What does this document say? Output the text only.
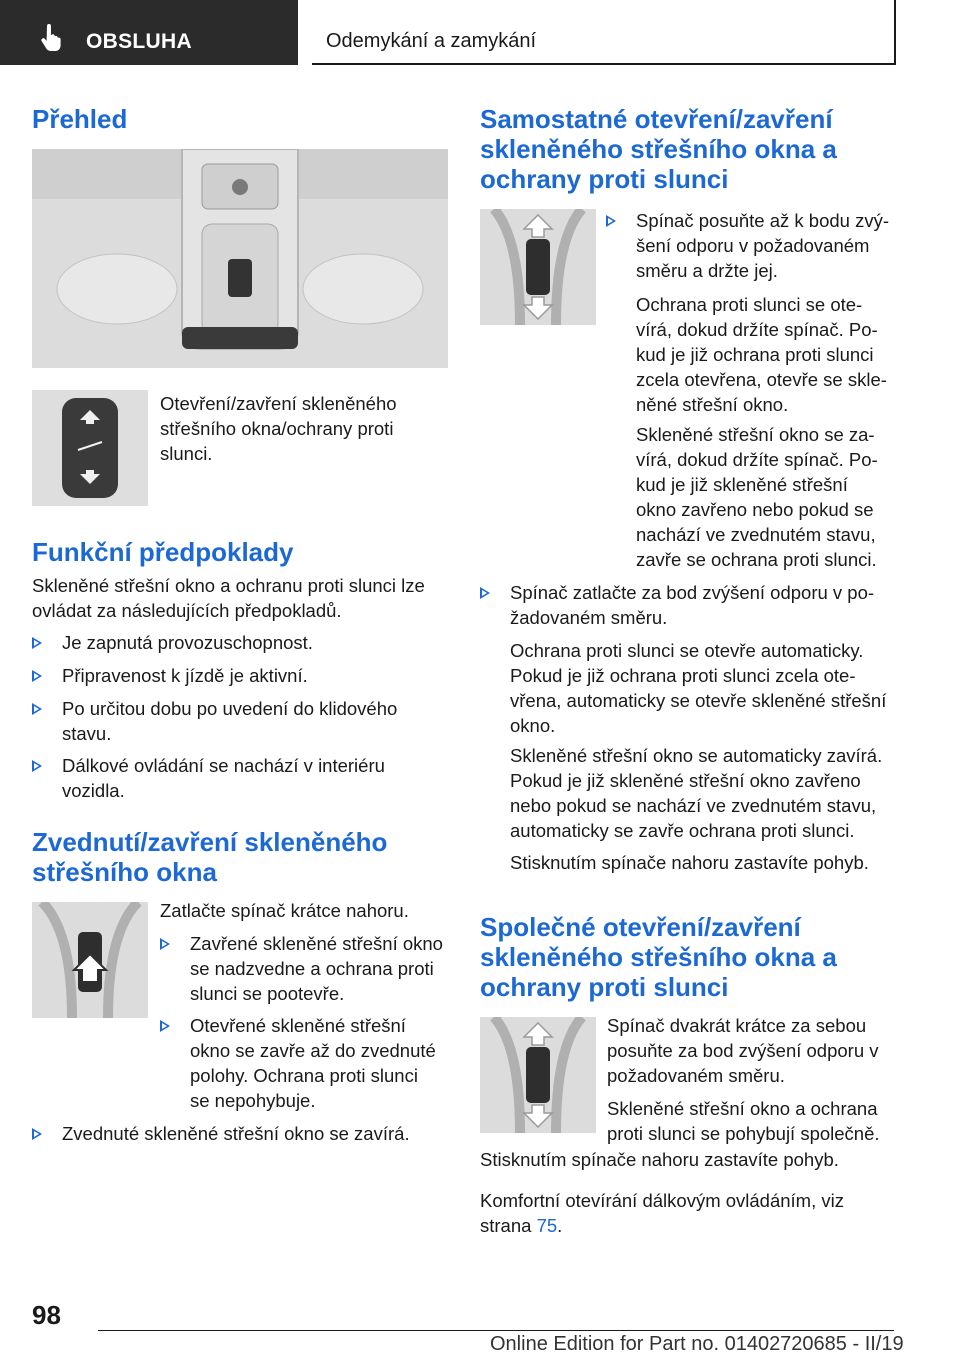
OBSLUHA	Odemykání a zamykání
Přehled
Otevření/zavření skleněného
střešního okna/ochrany proti
slunci.
Funkční předpoklady
Skleněné střešní okno a ochranu proti slunci lze
ovládat za následujících předpokladů.
Je zapnutá provozuschopnost.
Připravenost k jízdě je aktivní.
Po určitou dobu po uvedení do klidového
stavu.
Dálkové ovládání se nachází v interiéru
vozidla.
Zvednutí/zavření skleněného
střešního okna
Zatlačte spínač krátce nahoru.
Zavřené skleněné střešní okno
se nadzvedne a ochrana proti
slunci se pootevře.
Otevřené skleněné střešní
okno se zavře až do zvednuté
polohy. Ochrana proti slunci
se nepohybuje.
Zvednuté skleněné střešní okno se zavírá.
Samostatné otevření/zavření
skleněného střešního okna a
ochrany proti slunci
Spínač posuňte až k bodu zvý-
šení odporu v požadovaném
směru a držte jej.
Ochrana proti slunci se ote-
vírá, dokud držíte spínač. Po-
kud je již ochrana proti slunci
zcela otevřena, otevře se skle-
něné střešní okno.
Skleněné střešní okno se za-
vírá, dokud držíte spínač. Po-
kud je již skleněné střešní
okno zavřeno nebo pokud se
nachází ve zvednutém stavu,
zavře se ochrana proti slunci.
Spínač zatlačte za bod zvýšení odporu v po-
žadovaném směru.
Ochrana proti slunci se otevře automaticky.
Pokud je již ochrana proti slunci zcela ote-
vřena, automaticky se otevře skleněné střešní
okno.
Skleněné střešní okno se automaticky zavírá.
Pokud je již skleněné střešní okno zavřeno
nebo pokud se nachází ve zvednutém stavu,
automaticky se zavře ochrana proti slunci.
Stisknutím spínače nahoru zastavíte pohyb.
Společné otevření/zavření
skleněného střešního okna a
ochrany proti slunci
Spínač dvakrát krátce za sebou
posuňte za bod zvýšení odporu v
požadovaném směru.
Skleněné střešní okno a ochrana
proti slunci se pohybují společně.
Stisknutím spínače nahoru zastavíte pohyb.
Komfortní otevírání dálkovým ovládáním, viz
strana 75.
98
Online Edition for Part no. 01402720685 - II/19
